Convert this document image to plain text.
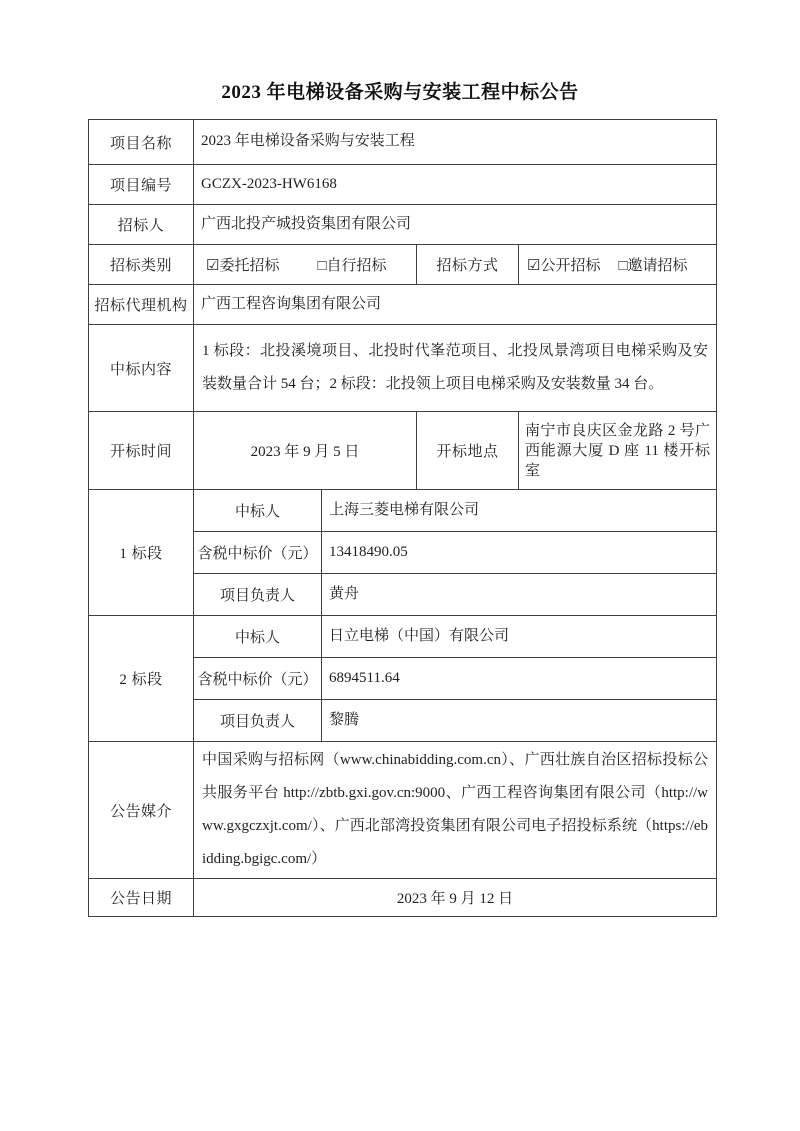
2023 年电梯设备采购与安装工程中标公告
项目名称	2023 年电梯设备采购与安装工程			
项目编号	GCZX-2023-HW6168			
招标人	广西北投产城投资集团有限公司			
招标类别	☑委托招标 □自行招标		招标方式	☑公开招标 □邀请招标
招标代理机构	广西工程咨询集团有限公司			
中标内容	1 标段：北投溪境项目、北投时代峯范项目、北投凤景湾项目电梯采购及安装数量合计 54 台；2 标段：北投领上项目电梯采购及安装数量 34 台。			
开标时间	2023 年 9 月 5 日		开标地点	南宁市良庆区金龙路 2 号广西能源大厦 D 座 11 楼开标室
1 标段	中标人	上海三菱电梯有限公司		
	含税中标价（元）	13418490.05		
	项目负责人	黄舟		
2 标段	中标人	日立电梯（中国）有限公司		
	含税中标价（元）	6894511.64		
	项目负责人	黎腾		
公告媒介	中国采购与招标网（www.chinabidding.com.cn）、广西壮族自治区招标投标公共服务平台 http://zbtb.gxi.gov.cn:9000、广西工程咨询集团有限公司（http://www.gxgczxjt.com/）、广西北部湾投资集团有限公司电子招投标系统（https://ebidding.bgigc.com/）			
公告日期	2023 年 9 月 12 日			
